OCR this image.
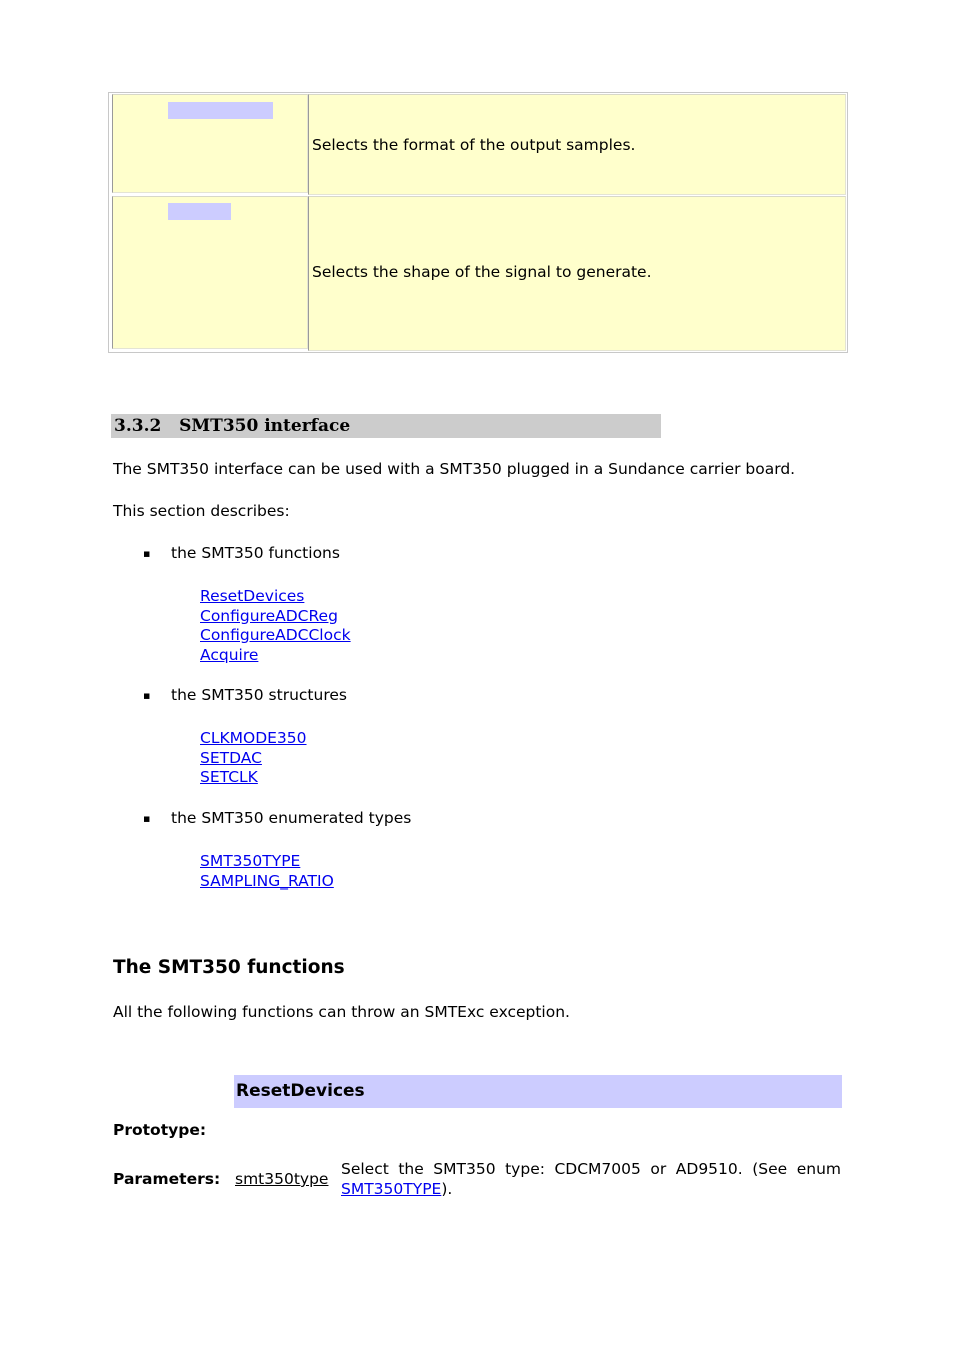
Selects the format of the output samples.
Selects the shape of the signal to generate.
3.3.2   SMT350 interface
The SMT350 interface can be used with a SMT350 plugged in a Sundance carrier board.
This section describes:
▪ the SMT350 functions
ResetDevices
ConfigureADCReg
ConfigureADCClock
Acquire
▪ the SMT350 structures
CLKMODE350
SETDAC
SETCLK
▪ the SMT350 enumerated types
SMT350TYPE
SAMPLING_RATIO
The SMT350 functions
All the following functions can throw an SMTExc exception.
ResetDevices
Prototype:
Parameters: smt350type
Select the SMT350 type: CDCM7005 or AD9510. (See enum SMT350TYPE).
